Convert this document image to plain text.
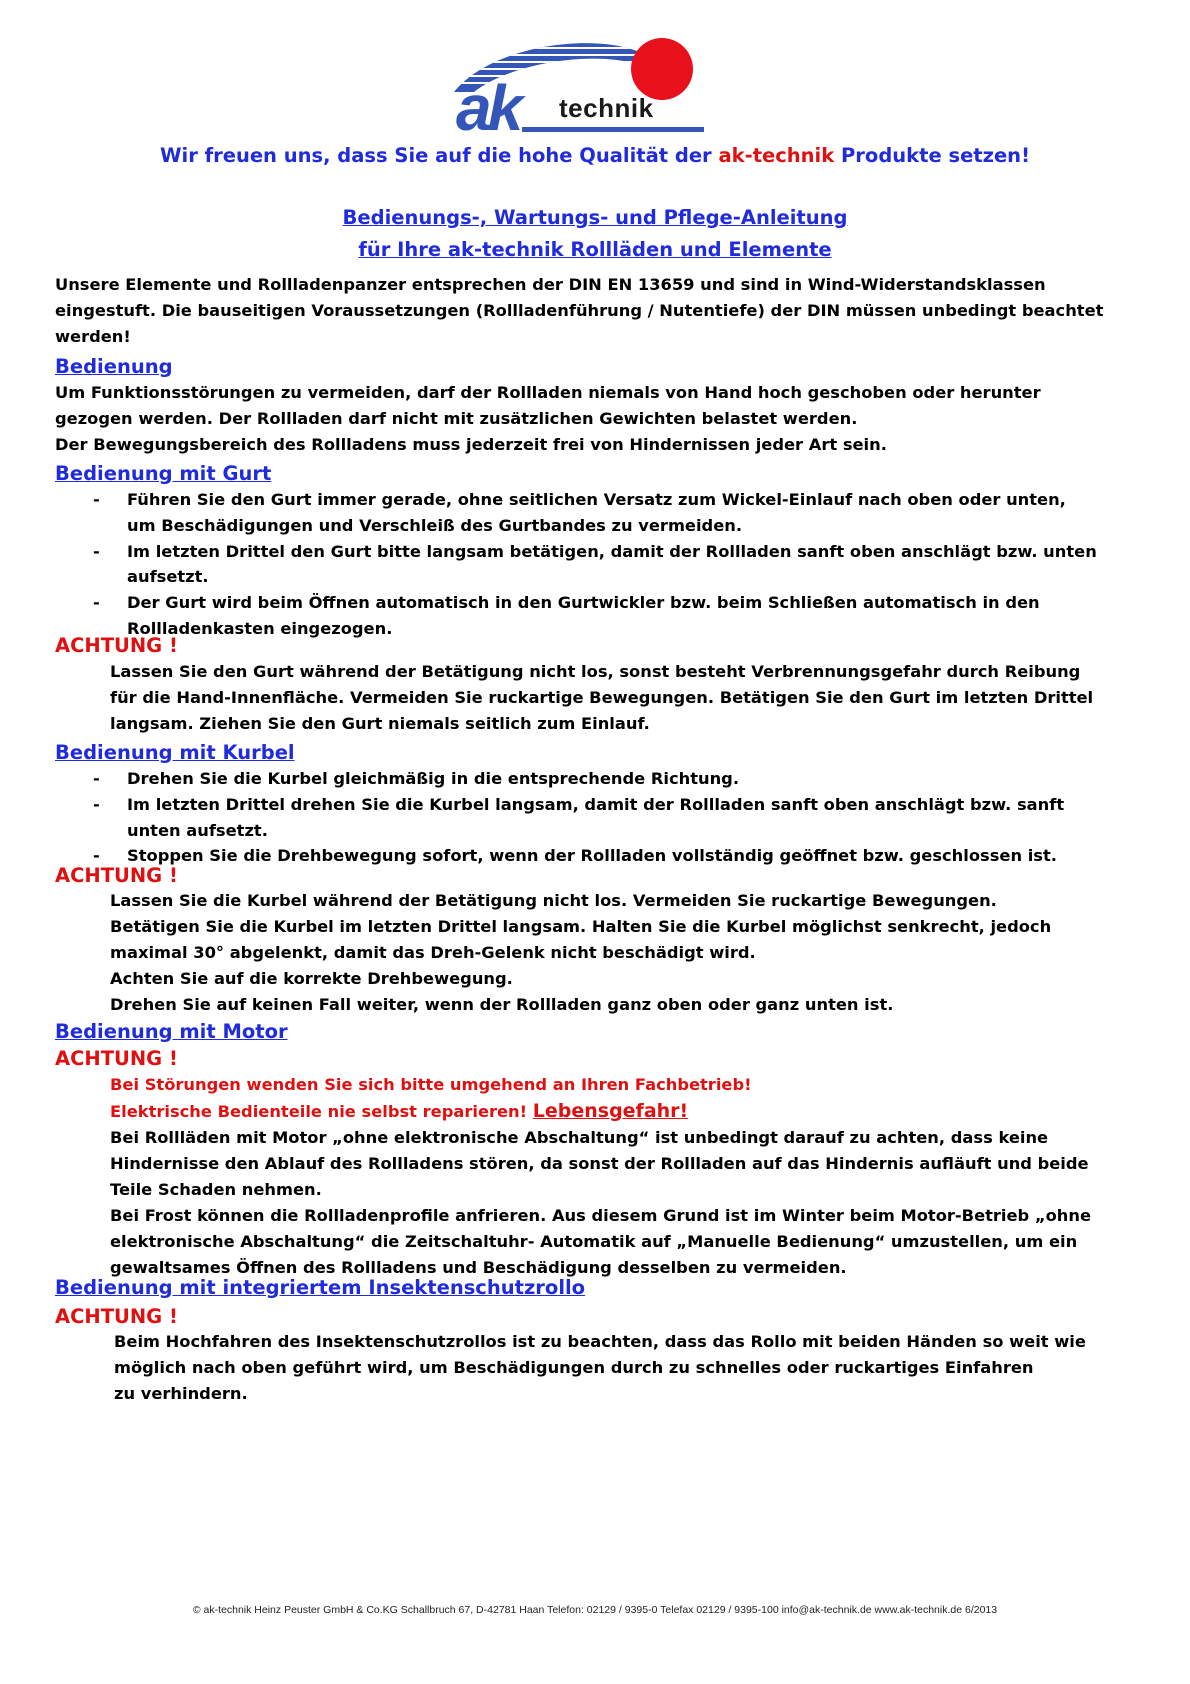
ak technik
Wir freuen uns, dass Sie auf die hohe Qualität der ak-technik Produkte setzen!
Bedienungs-, Wartungs- und Pflege-Anleitung
für Ihre ak-technik Rollläden und Elemente
Unsere Elemente und Rollladenpanzer entsprechen der DIN EN 13659 und sind in Wind-Widerstandsklassen
eingestuft. Die bauseitigen Voraussetzungen (Rollladenführung / Nutentiefe) der DIN müssen unbedingt beachtet
werden!
Bedienung
Um Funktionsstörungen zu vermeiden, darf der Rollladen niemals von Hand hoch geschoben oder herunter
gezogen werden. Der Rollladen darf nicht mit zusätzlichen Gewichten belastet werden.
Der Bewegungsbereich des Rollladens muss jederzeit frei von Hindernissen jeder Art sein.
Bedienung mit Gurt
- Führen Sie den Gurt immer gerade, ohne seitlichen Versatz zum Wickel-Einlauf nach oben oder unten,
um Beschädigungen und Verschleiß des Gurtbandes zu vermeiden.
- Im letzten Drittel den Gurt bitte langsam betätigen, damit der Rollladen sanft oben anschlägt bzw. unten
aufsetzt.
- Der Gurt wird beim Öffnen automatisch in den Gurtwickler bzw. beim Schließen automatisch in den
Rollladenkasten eingezogen.
ACHTUNG !
Lassen Sie den Gurt während der Betätigung nicht los, sonst besteht Verbrennungsgefahr durch Reibung
für die Hand-Innenfläche. Vermeiden Sie ruckartige Bewegungen. Betätigen Sie den Gurt im letzten Drittel
langsam. Ziehen Sie den Gurt niemals seitlich zum Einlauf.
Bedienung mit Kurbel
- Drehen Sie die Kurbel gleichmäßig in die entsprechende Richtung.
- Im letzten Drittel drehen Sie die Kurbel langsam, damit der Rollladen sanft oben anschlägt bzw. sanft
unten aufsetzt.
- Stoppen Sie die Drehbewegung sofort, wenn der Rollladen vollständig geöffnet bzw. geschlossen ist.
ACHTUNG !
Lassen Sie die Kurbel während der Betätigung nicht los. Vermeiden Sie ruckartige Bewegungen.
Betätigen Sie die Kurbel im letzten Drittel langsam. Halten Sie die Kurbel möglichst senkrecht, jedoch
maximal 30° abgelenkt, damit das Dreh-Gelenk nicht beschädigt wird.
Achten Sie auf die korrekte Drehbewegung.
Drehen Sie auf keinen Fall weiter, wenn der Rollladen ganz oben oder ganz unten ist.
Bedienung mit Motor
ACHTUNG !
Bei Störungen wenden Sie sich bitte umgehend an Ihren Fachbetrieb!
Elektrische Bedienteile nie selbst reparieren! Lebensgefahr!
Bei Rollläden mit Motor „ohne elektronische Abschaltung“ ist unbedingt darauf zu achten, dass keine
Hindernisse den Ablauf des Rollladens stören, da sonst der Rollladen auf das Hindernis aufläuft und beide
Teile Schaden nehmen.
Bei Frost können die Rollladenprofile anfrieren. Aus diesem Grund ist im Winter beim Motor-Betrieb „ohne
elektronische Abschaltung“ die Zeitschaltuhr- Automatik auf „Manuelle Bedienung“ umzustellen, um ein
gewaltsames Öffnen des Rollladens und Beschädigung desselben zu vermeiden.
Bedienung mit integriertem Insektenschutzrollo
ACHTUNG !
Beim Hochfahren des Insektenschutzrollos ist zu beachten, dass das Rollo mit beiden Händen so weit wie
möglich nach oben geführt wird, um Beschädigungen durch zu schnelles oder ruckartiges Einfahren
zu verhindern.
© ak-technik Heinz Peuster GmbH & Co.KG Schallbruch 67, D-42781 Haan Telefon: 02129 / 9395-0 Telefax 02129 / 9395-100 info@ak-technik.de www.ak-technik.de 6/2013
